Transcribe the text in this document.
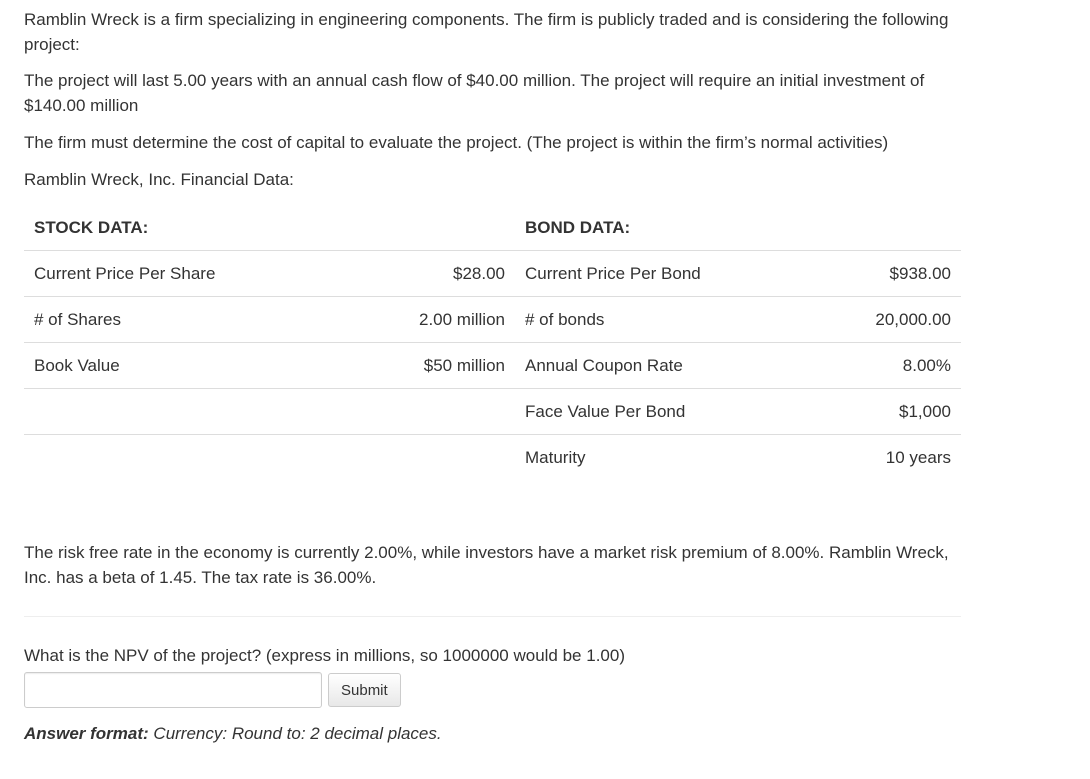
Ramblin Wreck is a firm specializing in engineering components. The firm is publicly traded and is considering the following project:

The project will last 5.00 years with an annual cash flow of $40.00 million. The project will require an initial investment of $140.00 million

The firm must determine the cost of capital to evaluate the project. (The project is within the firm’s normal activities)

Ramblin Wreck, Inc. Financial Data:

STOCK DATA:		BOND DATA:	
Current Price Per Share	$28.00	Current Price Per Bond	$938.00
# of Shares	2.00 million	# of bonds	20,000.00
Book Value	$50 million	Annual Coupon Rate	8.00%
		Face Value Per Bond	$1,000
		Maturity	10 years

The risk free rate in the economy is currently 2.00%, while investors have a market risk premium of 8.00%. Ramblin Wreck, Inc. has a beta of 1.45. The tax rate is 36.00%.

What is the NPV of the project? (express in millions, so 1000000 would be 1.00)

Submit
Answer format: Currency: Round to: 2 decimal places.
